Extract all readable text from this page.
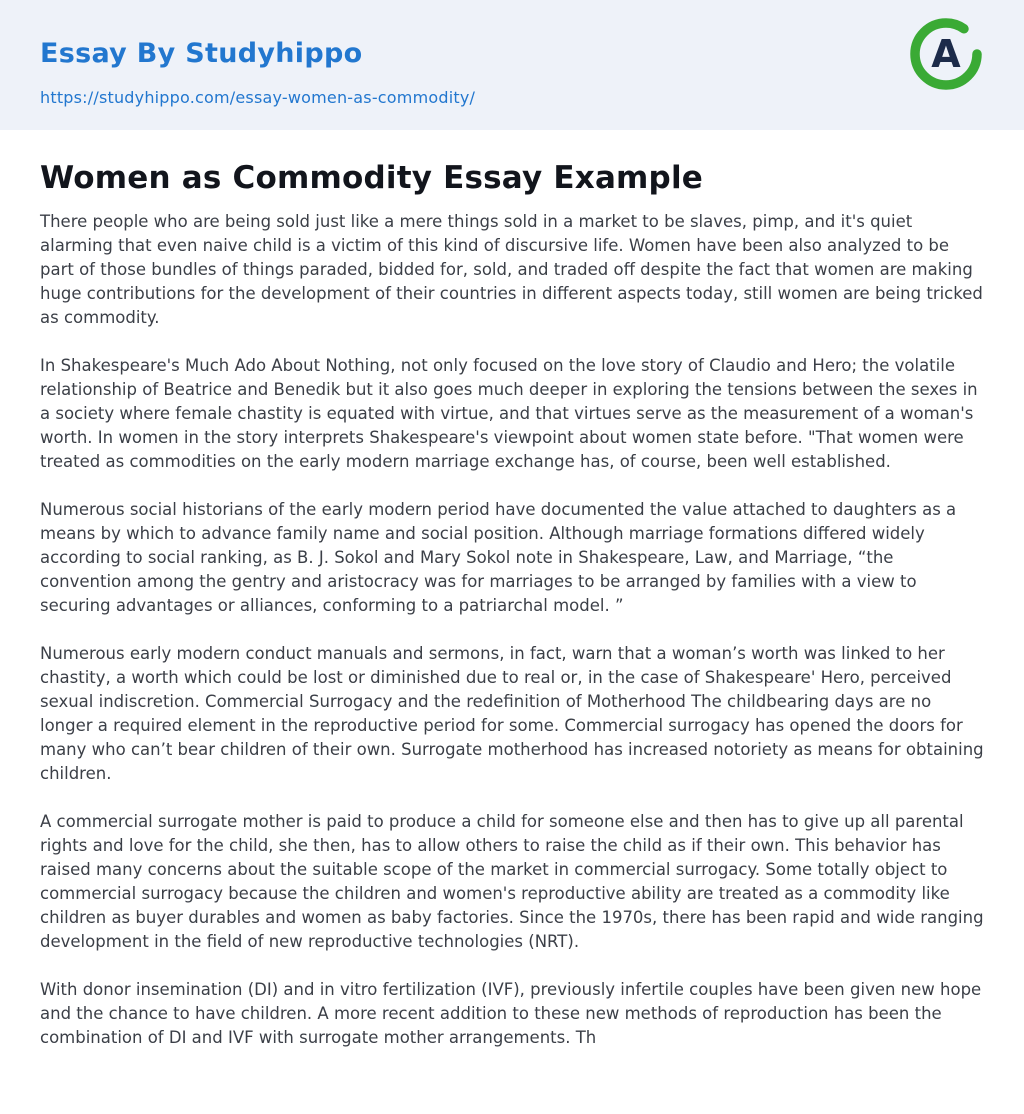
Essay By Studyhippo
https://studyhippo.com/essay-women-as-commodity/
A
Women as Commodity Essay Example

There people who are being sold just like a mere things sold in a market to be slaves, pimp, and it's quiet alarming that even naive child is a victim of this kind of discursive life. Women have been also analyzed to be part of those bundles of things paraded, bidded for, sold, and traded off despite the fact that women are making huge contributions for the development of their countries in different aspects today, still women are being tricked as commodity.

In Shakespeare's Much Ado About Nothing, not only focused on the love story of Claudio and Hero; the volatile relationship of Beatrice and Benedik but it also goes much deeper in exploring the tensions between the sexes in a society where female chastity is equated with virtue, and that virtues serve as the measurement of a woman's worth. In women in the story interprets Shakespeare's viewpoint about women state before. "That women were treated as commodities on the early modern marriage exchange has, of course, been well established.

Numerous social historians of the early modern period have documented the value attached to daughters as a means by which to advance family name and social position. Although marriage formations differed widely according to social ranking, as B. J. Sokol and Mary Sokol note in Shakespeare, Law, and Marriage, “the convention among the gentry and aristocracy was for marriages to be arranged by families with a view to securing advantages or alliances, conforming to a patriarchal model. ”

Numerous early modern conduct manuals and sermons, in fact, warn that a woman’s worth was linked to her chastity, a worth which could be lost or diminished due to real or, in the case of Shakespeare' Hero, perceived sexual indiscretion. Commercial Surrogacy and the redefinition of Motherhood The childbearing days are no longer a required element in the reproductive period for some. Commercial surrogacy has opened the doors for many who can’t bear children of their own. Surrogate motherhood has increased notoriety as means for obtaining children.

A commercial surrogate mother is paid to produce a child for someone else and then has to give up all parental rights and love for the child, she then, has to allow others to raise the child as if their own. This behavior has raised many concerns about the suitable scope of the market in commercial surrogacy. Some totally object to commercial surrogacy because the children and women's reproductive ability are treated as a commodity like children as buyer durables and women as baby factories. Since the 1970s, there has been rapid and wide ranging development in the field of new reproductive technologies (NRT).

With donor insemination (DI) and in vitro fertilization (IVF), previously infertile couples have been given new hope and the chance to have children. A more recent addition to these new methods of reproduction has been the combination of DI and IVF with surrogate mother arrangements. Th
